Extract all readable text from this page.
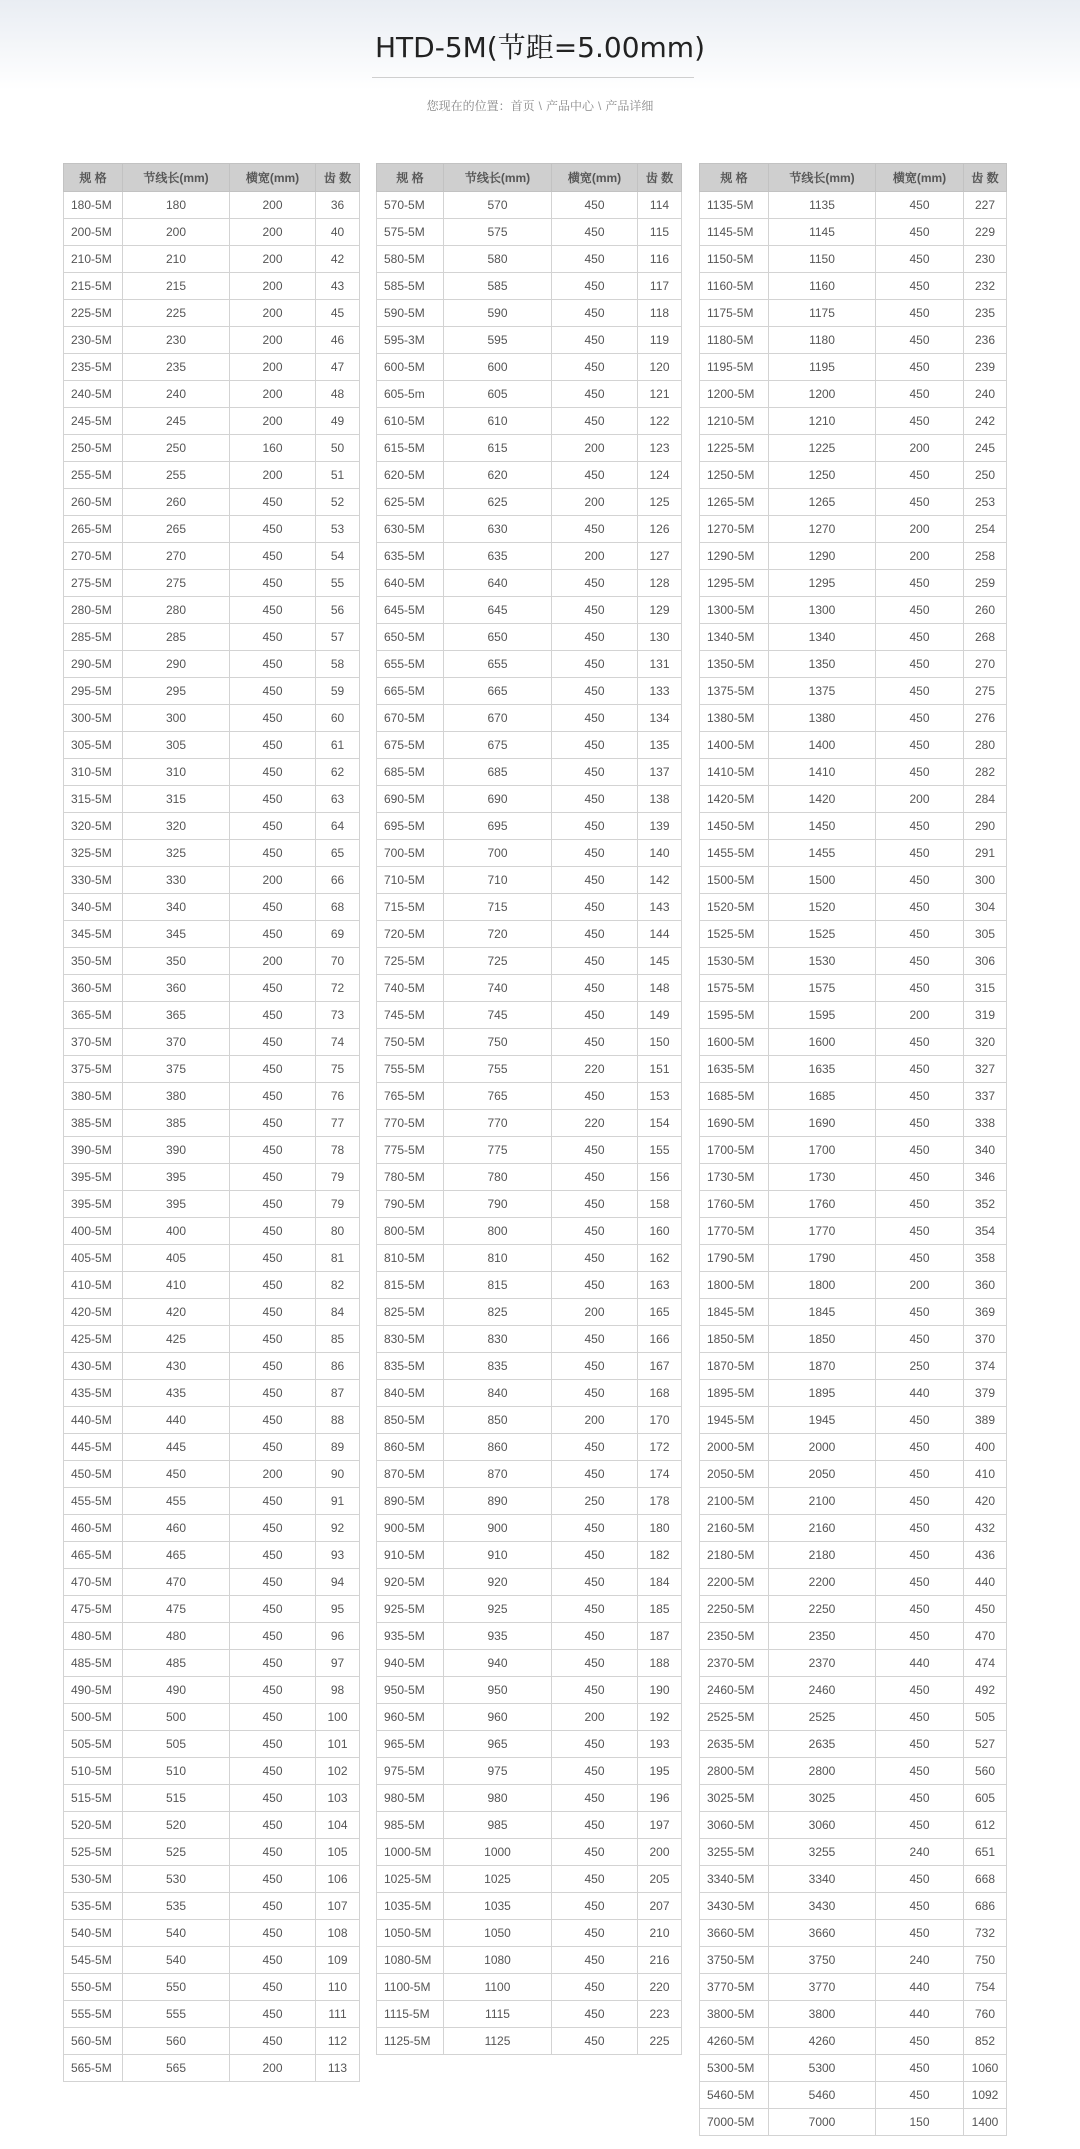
HTD-5M(节距=5.00mm)
您现在的位置：首页 \ 产品中心 \ 产品详细
规 格	节线长(mm)	横宽(mm)	齿 数
180-5M	180	200	36
200-5M	200	200	40
210-5M	210	200	42
215-5M	215	200	43
225-5M	225	200	45
230-5M	230	200	46
235-5M	235	200	47
240-5M	240	200	48
245-5M	245	200	49
250-5M	250	160	50
255-5M	255	200	51
260-5M	260	450	52
265-5M	265	450	53
270-5M	270	450	54
275-5M	275	450	55
280-5M	280	450	56
285-5M	285	450	57
290-5M	290	450	58
295-5M	295	450	59
300-5M	300	450	60
305-5M	305	450	61
310-5M	310	450	62
315-5M	315	450	63
320-5M	320	450	64
325-5M	325	450	65
330-5M	330	200	66
340-5M	340	450	68
345-5M	345	450	69
350-5M	350	200	70
360-5M	360	450	72
365-5M	365	450	73
370-5M	370	450	74
375-5M	375	450	75
380-5M	380	450	76
385-5M	385	450	77
390-5M	390	450	78
395-5M	395	450	79
395-5M	395	450	79
400-5M	400	450	80
405-5M	405	450	81
410-5M	410	450	82
420-5M	420	450	84
425-5M	425	450	85
430-5M	430	450	86
435-5M	435	450	87
440-5M	440	450	88
445-5M	445	450	89
450-5M	450	200	90
455-5M	455	450	91
460-5M	460	450	92
465-5M	465	450	93
470-5M	470	450	94
475-5M	475	450	95
480-5M	480	450	96
485-5M	485	450	97
490-5M	490	450	98
500-5M	500	450	100
505-5M	505	450	101
510-5M	510	450	102
515-5M	515	450	103
520-5M	520	450	104
525-5M	525	450	105
530-5M	530	450	106
535-5M	535	450	107
540-5M	540	450	108
545-5M	540	450	109
550-5M	550	450	110
555-5M	555	450	111
560-5M	560	450	112
565-5M	565	200	113
规 格	节线长(mm)	横宽(mm)	齿 数
570-5M	570	450	114
575-5M	575	450	115
580-5M	580	450	116
585-5M	585	450	117
590-5M	590	450	118
595-3M	595	450	119
600-5M	600	450	120
605-5m	605	450	121
610-5M	610	450	122
615-5M	615	200	123
620-5M	620	450	124
625-5M	625	200	125
630-5M	630	450	126
635-5M	635	200	127
640-5M	640	450	128
645-5M	645	450	129
650-5M	650	450	130
655-5M	655	450	131
665-5M	665	450	133
670-5M	670	450	134
675-5M	675	450	135
685-5M	685	450	137
690-5M	690	450	138
695-5M	695	450	139
700-5M	700	450	140
710-5M	710	450	142
715-5M	715	450	143
720-5M	720	450	144
725-5M	725	450	145
740-5M	740	450	148
745-5M	745	450	149
750-5M	750	450	150
755-5M	755	220	151
765-5M	765	450	153
770-5M	770	220	154
775-5M	775	450	155
780-5M	780	450	156
790-5M	790	450	158
800-5M	800	450	160
810-5M	810	450	162
815-5M	815	450	163
825-5M	825	200	165
830-5M	830	450	166
835-5M	835	450	167
840-5M	840	450	168
850-5M	850	200	170
860-5M	860	450	172
870-5M	870	450	174
890-5M	890	250	178
900-5M	900	450	180
910-5M	910	450	182
920-5M	920	450	184
925-5M	925	450	185
935-5M	935	450	187
940-5M	940	450	188
950-5M	950	450	190
960-5M	960	200	192
965-5M	965	450	193
975-5M	975	450	195
980-5M	980	450	196
985-5M	985	450	197
1000-5M	1000	450	200
1025-5M	1025	450	205
1035-5M	1035	450	207
1050-5M	1050	450	210
1080-5M	1080	450	216
1100-5M	1100	450	220
1115-5M	1115	450	223
1125-5M	1125	450	225
规 格	节线长(mm)	横宽(mm)	齿 数
1135-5M	1135	450	227
1145-5M	1145	450	229
1150-5M	1150	450	230
1160-5M	1160	450	232
1175-5M	1175	450	235
1180-5M	1180	450	236
1195-5M	1195	450	239
1200-5M	1200	450	240
1210-5M	1210	450	242
1225-5M	1225	200	245
1250-5M	1250	450	250
1265-5M	1265	450	253
1270-5M	1270	200	254
1290-5M	1290	200	258
1295-5M	1295	450	259
1300-5M	1300	450	260
1340-5M	1340	450	268
1350-5M	1350	450	270
1375-5M	1375	450	275
1380-5M	1380	450	276
1400-5M	1400	450	280
1410-5M	1410	450	282
1420-5M	1420	200	284
1450-5M	1450	450	290
1455-5M	1455	450	291
1500-5M	1500	450	300
1520-5M	1520	450	304
1525-5M	1525	450	305
1530-5M	1530	450	306
1575-5M	1575	450	315
1595-5M	1595	200	319
1600-5M	1600	450	320
1635-5M	1635	450	327
1685-5M	1685	450	337
1690-5M	1690	450	338
1700-5M	1700	450	340
1730-5M	1730	450	346
1760-5M	1760	450	352
1770-5M	1770	450	354
1790-5M	1790	450	358
1800-5M	1800	200	360
1845-5M	1845	450	369
1850-5M	1850	450	370
1870-5M	1870	250	374
1895-5M	1895	440	379
1945-5M	1945	450	389
2000-5M	2000	450	400
2050-5M	2050	450	410
2100-5M	2100	450	420
2160-5M	2160	450	432
2180-5M	2180	450	436
2200-5M	2200	450	440
2250-5M	2250	450	450
2350-5M	2350	450	470
2370-5M	2370	440	474
2460-5M	2460	450	492
2525-5M	2525	450	505
2635-5M	2635	450	527
2800-5M	2800	450	560
3025-5M	3025	450	605
3060-5M	3060	450	612
3255-5M	3255	240	651
3340-5M	3340	450	668
3430-5M	3430	450	686
3660-5M	3660	450	732
3750-5M	3750	240	750
3770-5M	3770	440	754
3800-5M	3800	440	760
4260-5M	4260	450	852
5300-5M	5300	450	1060
5460-5M	5460	450	1092
7000-5M	7000	150	1400
